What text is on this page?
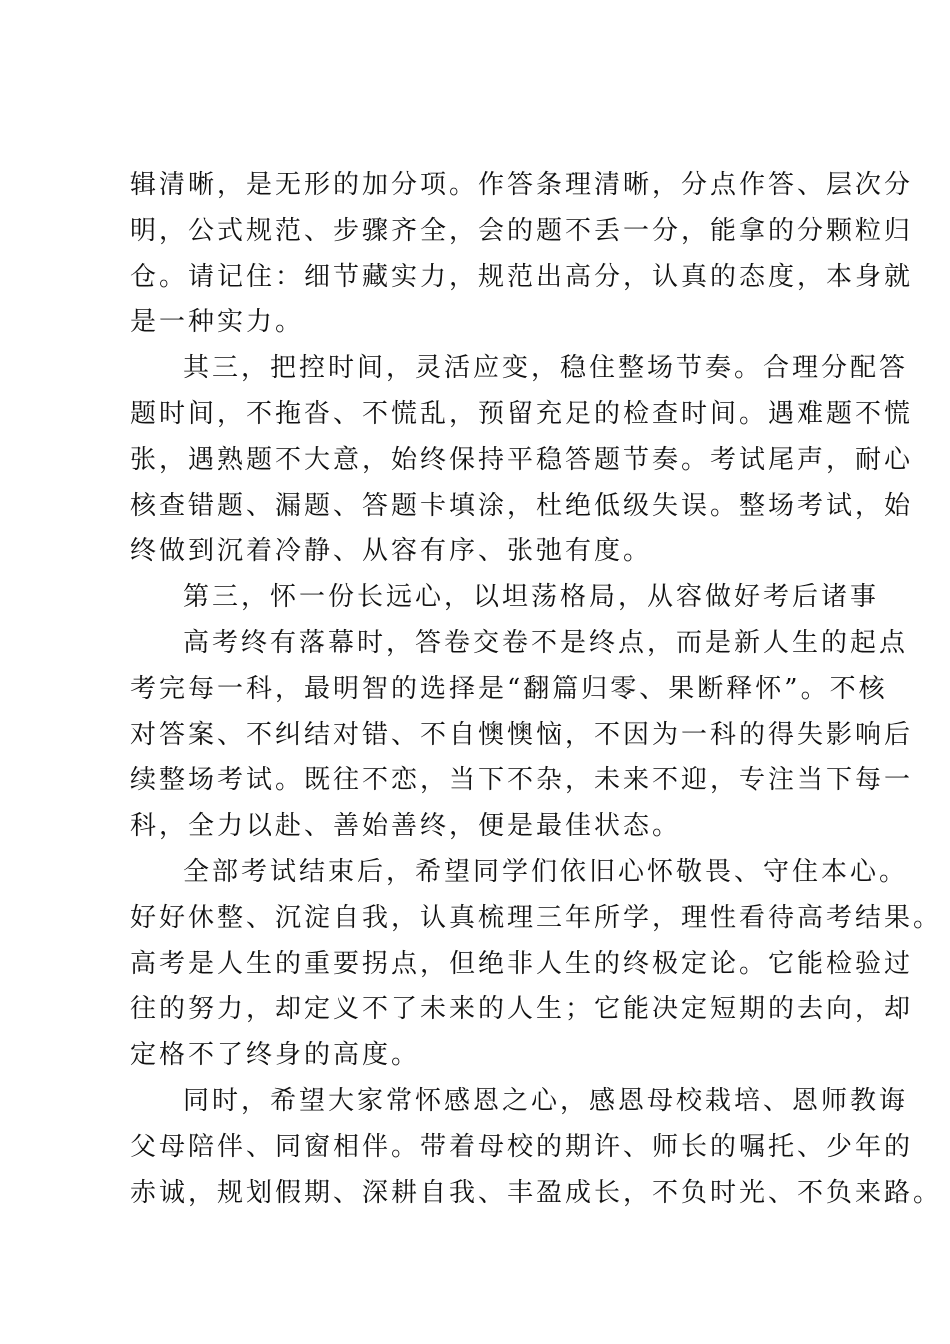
辑清晰，是无形的加分项。作答条理清晰，分点作答、层次分
明，公式规范、步骤齐全，会的题不丢一分，能拿的分颗粒归
仓。请记住：细节藏实力，规范出高分，认真的态度，本身就
是一种实力。
其三，把控时间，灵活应变，稳住整场节奏。合理分配答
题时间，不拖沓、不慌乱，预留充足的检查时间。遇难题不慌
张，遇熟题不大意，始终保持平稳答题节奏。考试尾声，耐心
核查错题、漏题、答题卡填涂，杜绝低级失误。整场考试，始
终做到沉着冷静、从容有序、张弛有度。
第三，怀一份长远心，以坦荡格局，从容做好考后诸事
高考终有落幕时，答卷交卷不是终点，而是新人生的起点
考完每一科，最明智的选择是“翻篇归零、果断释怀”。不核
对答案、不纠结对错、不自懊懊恼，不因为一科的得失影响后
续整场考试。既往不恋，当下不杂，未来不迎，专注当下每一
科，全力以赴、善始善终，便是最佳状态。
全部考试结束后，希望同学们依旧心怀敬畏、守住本心。
好好休整、沉淀自我，认真梳理三年所学，理性看待高考结果。
高考是人生的重要拐点，但绝非人生的终极定论。它能检验过
往的努力，却定义不了未来的人生；它能决定短期的去向，却
定格不了终身的高度。
同时，希望大家常怀感恩之心，感恩母校栽培、恩师教诲
父母陪伴、同窗相伴。带着母校的期许、师长的嘱托、少年的
赤诚，规划假期、深耕自我、丰盈成长，不负时光、不负来路。
